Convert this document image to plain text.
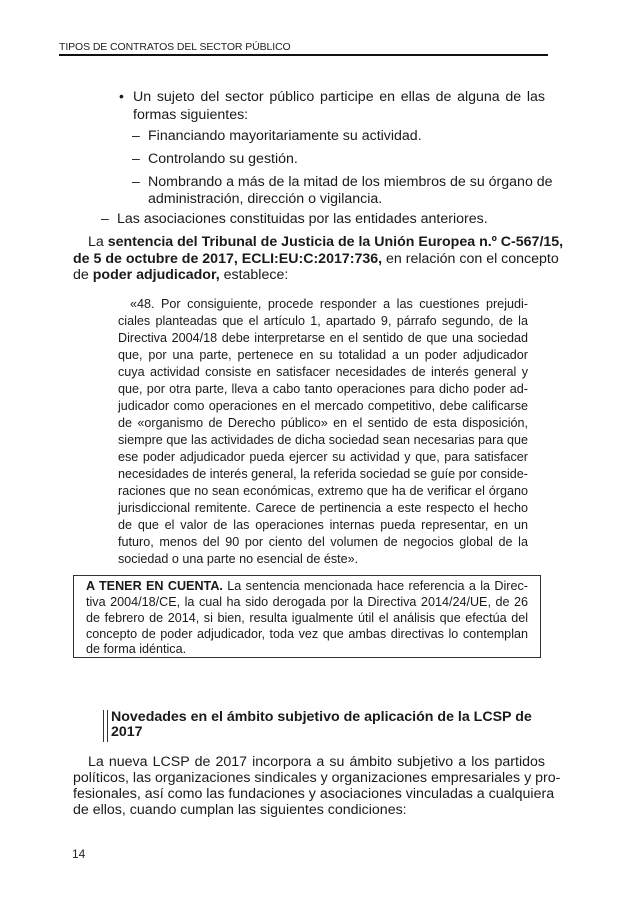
TIPOS DE CONTRATOS DEL SECTOR PÚBLICO
• Un sujeto del sector público participe en ellas de alguna de las
formas siguientes:
– Financiando mayoritariamente su actividad.
– Controlando su gestión.
– Nombrando a más de la mitad de los miembros de su órgano de
administración, dirección o vigilancia.
– Las asociaciones constituidas por las entidades anteriores.
La sentencia del Tribunal de Justicia de la Unión Europea n.º C-567/15,
de 5 de octubre de 2017, ECLI:EU:C:2017:736, en relación con el concepto
de poder adjudicador, establece:
«48. Por consiguiente, procede responder a las cuestiones prejudi-
ciales planteadas que el artículo 1, apartado 9, párrafo segundo, de la
Directiva 2004/18 debe interpretarse en el sentido de que una sociedad
que, por una parte, pertenece en su totalidad a un poder adjudicador
cuya actividad consiste en satisfacer necesidades de interés general y
que, por otra parte, lleva a cabo tanto operaciones para dicho poder ad-
judicador como operaciones en el mercado competitivo, debe calificarse
de «organismo de Derecho público» en el sentido de esta disposición,
siempre que las actividades de dicha sociedad sean necesarias para que
ese poder adjudicador pueda ejercer su actividad y que, para satisfacer
necesidades de interés general, la referida sociedad se guíe por conside-
raciones que no sean económicas, extremo que ha de verificar el órgano
jurisdiccional remitente. Carece de pertinencia a este respecto el hecho
de que el valor de las operaciones internas pueda representar, en un
futuro, menos del 90 por ciento del volumen de negocios global de la
sociedad o una parte no esencial de éste».
A TENER EN CUENTA. La sentencia mencionada hace referencia a la Direc-
tiva 2004/18/CE, la cual ha sido derogada por la Directiva 2014/24/UE, de 26
de febrero de 2014, si bien, resulta igualmente útil el análisis que efectúa del
concepto de poder adjudicador, toda vez que ambas directivas lo contemplan
de forma idéntica.
Novedades en el ámbito subjetivo de aplicación de la LCSP de
2017
La nueva LCSP de 2017 incorpora a su ámbito subjetivo a los partidos
políticos, las organizaciones sindicales y organizaciones empresariales y pro-
fesionales, así como las fundaciones y asociaciones vinculadas a cualquiera
de ellos, cuando cumplan las siguientes condiciones:
14
